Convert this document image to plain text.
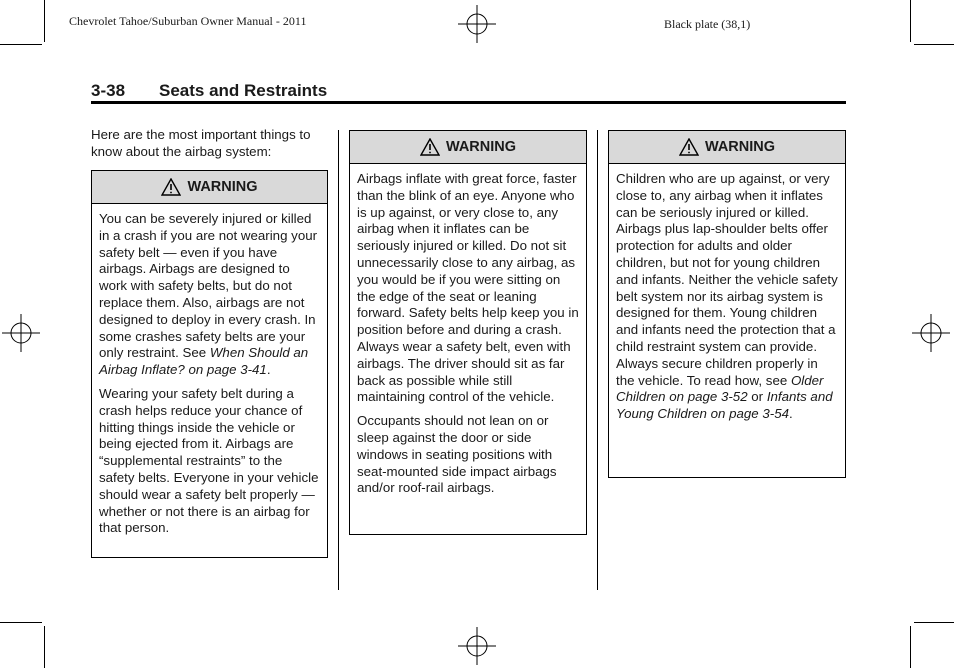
Chevrolet Tahoe/Suburban Owner Manual - 2011	Black plate (38,1)
3-38 Seats and Restraints
Here are the most important things to know about the airbag system:
WARNING

You can be severely injured or killed in a crash if you are not wearing your safety belt — even if you have airbags. Airbags are designed to work with safety belts, but do not replace them. Also, airbags are not designed to deploy in every crash. In some crashes safety belts are your only restraint. See When Should an Airbag Inflate? on page 3-41.

Wearing your safety belt during a crash helps reduce your chance of hitting things inside the vehicle or being ejected from it. Airbags are “supplemental restraints” to the safety belts. Everyone in your vehicle should wear a safety belt properly — whether or not there is an airbag for that person.

WARNING

Airbags inflate with great force, faster than the blink of an eye. Anyone who is up against, or very close to, any airbag when it inflates can be seriously injured or killed. Do not sit unnecessarily close to any airbag, as you would be if you were sitting on the edge of the seat or leaning forward. Safety belts help keep you in position before and during a crash. Always wear a safety belt, even with airbags. The driver should sit as far back as possible while still maintaining control of the vehicle.

Occupants should not lean on or sleep against the door or side windows in seating positions with seat-mounted side impact airbags and/or roof-rail airbags.

WARNING

Children who are up against, or very close to, any airbag when it inflates can be seriously injured or killed. Airbags plus lap-shoulder belts offer protection for adults and older children, but not for young children and infants. Neither the vehicle safety belt system nor its airbag system is designed for them. Young children and infants need the protection that a child restraint system can provide. Always secure children properly in the vehicle. To read how, see Older Children on page 3-52 or Infants and Young Children on page 3-54.
